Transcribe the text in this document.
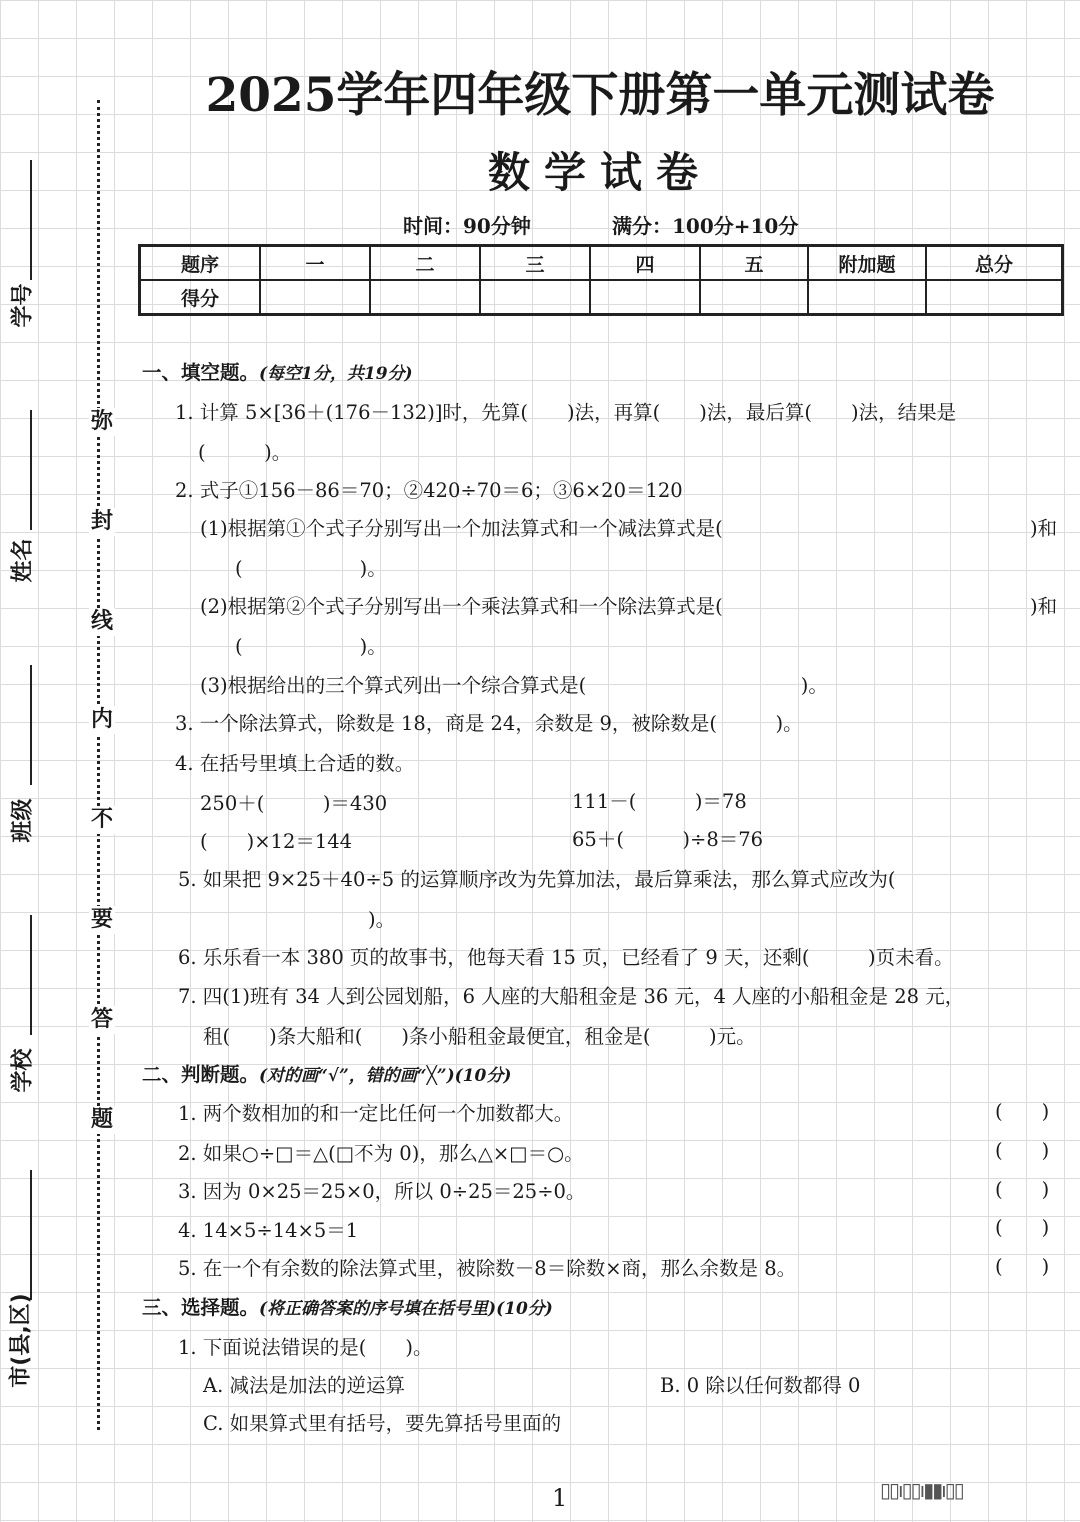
学号
姓名
班级
学校
市(县,区)
弥
封
线
内
不
要
答
题
2025学年四年级下册第一单元测试卷
数学试卷
时间：90分钟	满分：100分+10分
题序	一	二	三	四	五	附加题	总分
得分							
一、填空题。(每空1分，共19分)
1. 计算 5×[36＋(176－132)]时，先算(　　)法，再算(　　)法，最后算(　　)法，结果是
(　　　)。
2. 式子①156－86＝70；②420÷70＝6；③6×20＝120
(1)根据第①个式子分别写出一个加法算式和一个减法算式是(	)和
(　　　　　　)。
(2)根据第②个式子分别写出一个乘法算式和一个除法算式是(	)和
(　　　　　　)。
(3)根据给出的三个算式列出一个综合算式是(　　　　　　　　　　　)。
3. 一个除法算式，除数是 18，商是 24，余数是 9，被除数是(　　　)。
4. 在括号里填上合适的数。
250＋(　　　)＝430	111－(　　　)＝78
(　　)×12＝144	65＋(　　　)÷8＝76
5. 如果把 9×25＋40÷5 的运算顺序改为先算加法，最后算乘法，那么算式应改为(
)。
6. 乐乐看一本 380 页的故事书，他每天看 15 页，已经看了 9 天，还剩(　　　)页未看。
7. 四(1)班有 34 人到公园划船，6 人座的大船租金是 36 元，4 人座的小船租金是 28 元，
租(　　)条大船和(　　)条小船租金最便宜，租金是(　　　)元。
二、判断题。(对的画“√”，错的画“╳”)(10分)
1. 两个数相加的和一定比任何一个加数都大。	(　　)
2. 如果○÷□＝△(□不为 0)，那么△×□＝○。	(　　)
3. 因为 0×25＝25×0，所以 0÷25＝25÷0。	(　　)
4. 14×5÷14×5＝1	(　　)
5. 在一个有余数的除法算式里，被除数－8＝除数×商，那么余数是 8。	(　　)
三、选择题。(将正确答案的序号填在括号里)(10分)
1. 下面说法错误的是(　　)。
A. 减法是加法的逆运算	B. 0 除以任何数都得 0
C. 如果算式里有括号，要先算括号里面的
1	▯▯ı▯▯ı▮▮ı▯▯
